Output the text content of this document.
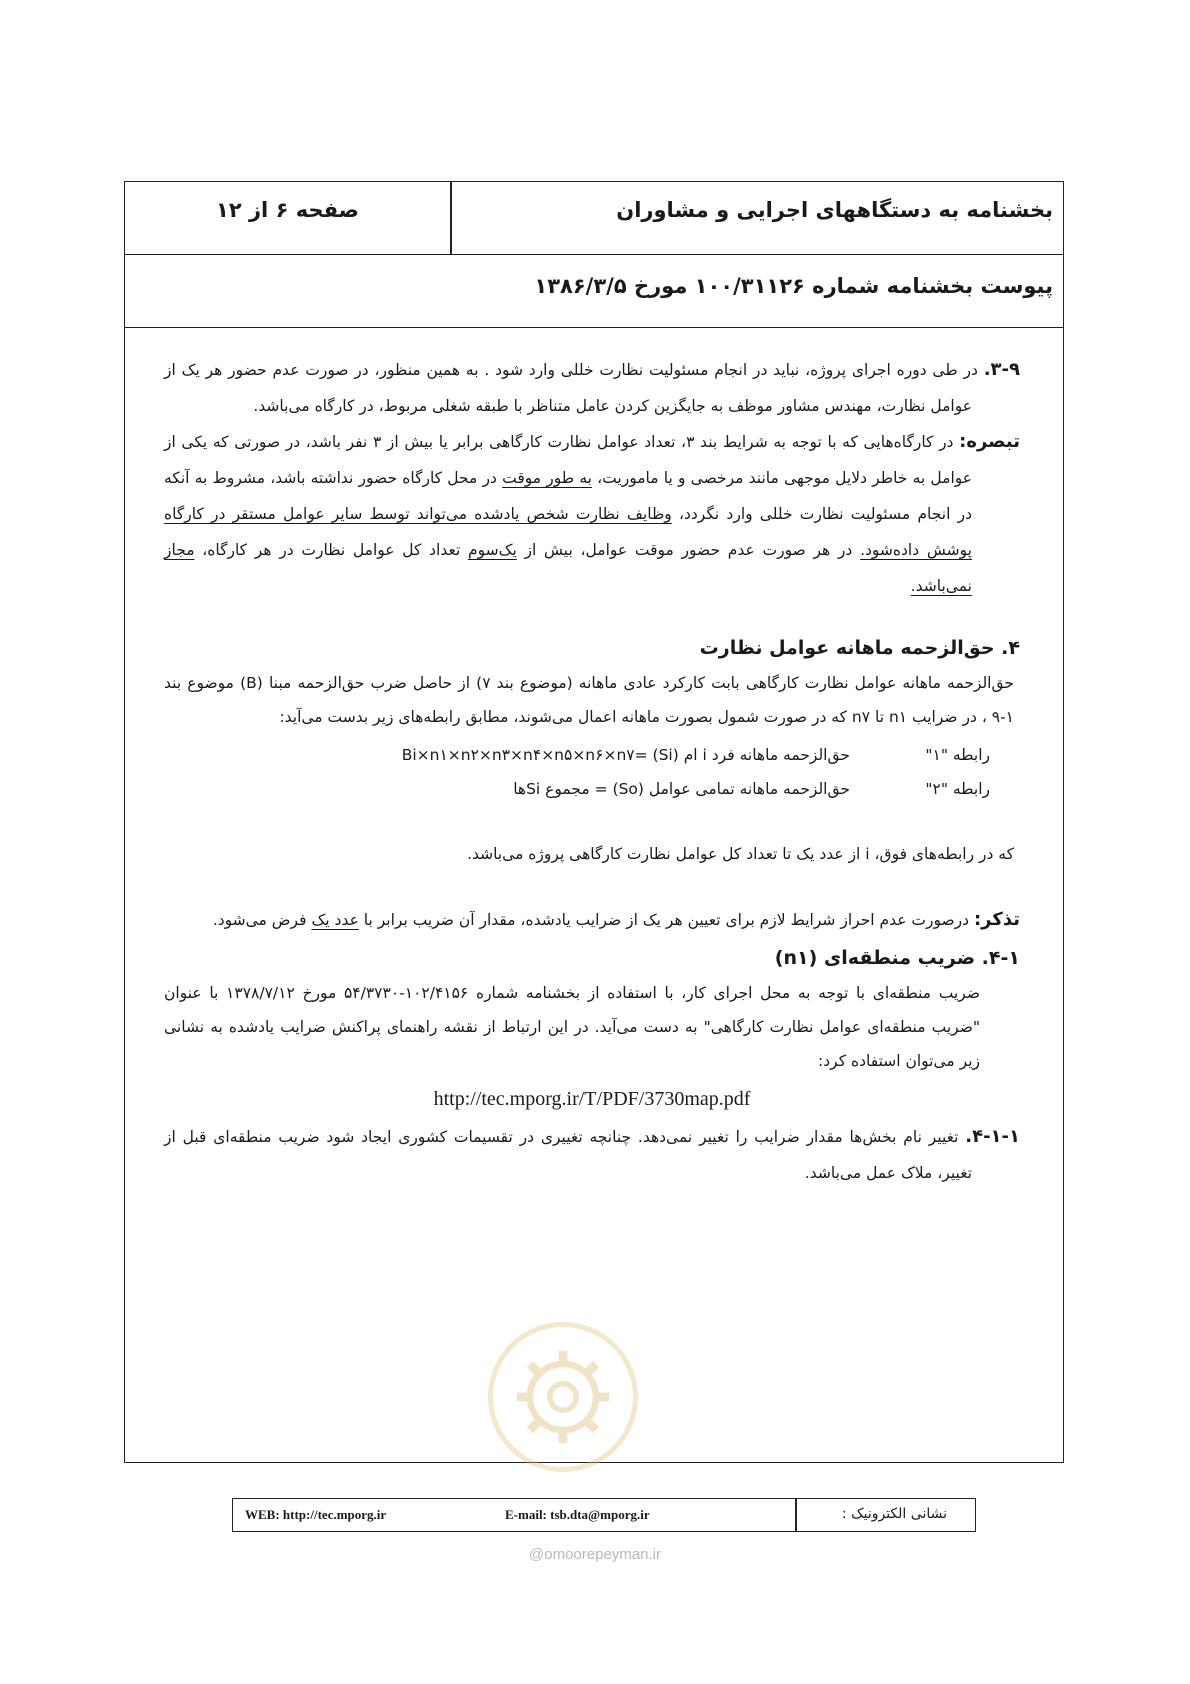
بخشنامه به دستگاههای اجرایی و مشاوران
صفحه ۶ از ۱۲
پیوست بخشنامه شماره ۱۰۰/۳۱۱۲۶ مورخ ۱۳۸۶/۳/۵

۳-۹. در طی دوره اجرای پروژه، نباید در انجام مسئولیت نظارت خللی وارد شود . به همین منظور، در صورت عدم حضور هر یک از عوامل نظارت، مهندس مشاور موظف به جایگزین کردن عامل متناظر با طبقه شغلی مربوط، در کارگاه می‌باشد.

تبصره: در کارگاه‌هایی که با توجه به شرایط بند ۳، تعداد عوامل نظارت کارگاهی برابر یا بیش از ۳ نفر باشد، در صورتی که یکی از عوامل به خاطر دلایل موجهی مانند مرخصی و یا ماموریت، به طور موقت در محل کارگاه حضور نداشته باشد، مشروط به آنکه در انجام مسئولیت نظارت خللی وارد نگردد، وظایف نظارت شخص یادشده می‌تواند توسط سایر عوامل مستقر در کارگاه پوشش داده‌شود. در هر صورت عدم حضور موقت عوامل، بیش از یک‌سوم تعداد کل عوامل نظارت در هر کارگاه، مجاز نمی‌باشد.

۴. حق‌الزحمه ماهانه عوامل نظارت

حق‌الزحمه ماهانه عوامل نظارت کارگاهی بابت کارکرد عادی ماهانه (موضوع بند ۷) از حاصل ضرب حق‌الزحمه مبنا (B) موضوع بند ۱-۹ ، در ضرایب n۱ تا n۷ که در صورت شمول بصورت ماهانه اعمال می‌شوند، مطابق رابطه‌های زیر بدست می‌آید:

رابطه "۱"
حق‌الزحمه ماهانه فرد i ام (Si) =Bi×n۱×n۲×n۳×n۴×n۵×n۶×n۷
رابطه "۲"
حق‌الزحمه ماهانه تمامی عوامل (So) = مجموع Siها

که در رابطه‌های فوق، i از عدد یک تا تعداد کل عوامل نظارت کارگاهی پروژه می‌باشد.

تذکر: درصورت عدم احراز شرایط لازم برای تعیین هر یک از ضرایب یادشده، مقدار آن ضریب برابر با عدد یک فرض می‌شود.

۴-۱. ضریب منطقه‌ای (n۱)

ضریب منطقه‌ای با توجه به محل اجرای کار، با استفاده از بخشنامه شماره ۱۰۲/۴۱۵۶-۵۴/۳۷۳۰ مورخ ۱۳۷۸/۷/۱۲ با عنوان "ضریب منطقه‌ای عوامل نظارت کارگاهی" به دست می‌آید. در این ارتباط از نقشه راهنمای پراکنش ضرایب یادشده به نشانی زیر می‌توان استفاده کرد:

http://tec.mporg.ir/T/PDF/3730map.pdf

۴-۱-۱. تغییر نام بخش‌ها مقدار ضرایب را تغییر نمی‌دهد. چنانچه تغییری در تقسیمات کشوری ایجاد شود ضریب منطقه‌ای قبل از تغییر، ملاک عمل می‌باشد.

WEB: http://tec.mporg.ir	E-mail: tsb.dta@mporg.ir	نشانی الکترونیک :
@omoorepeyman.ir
